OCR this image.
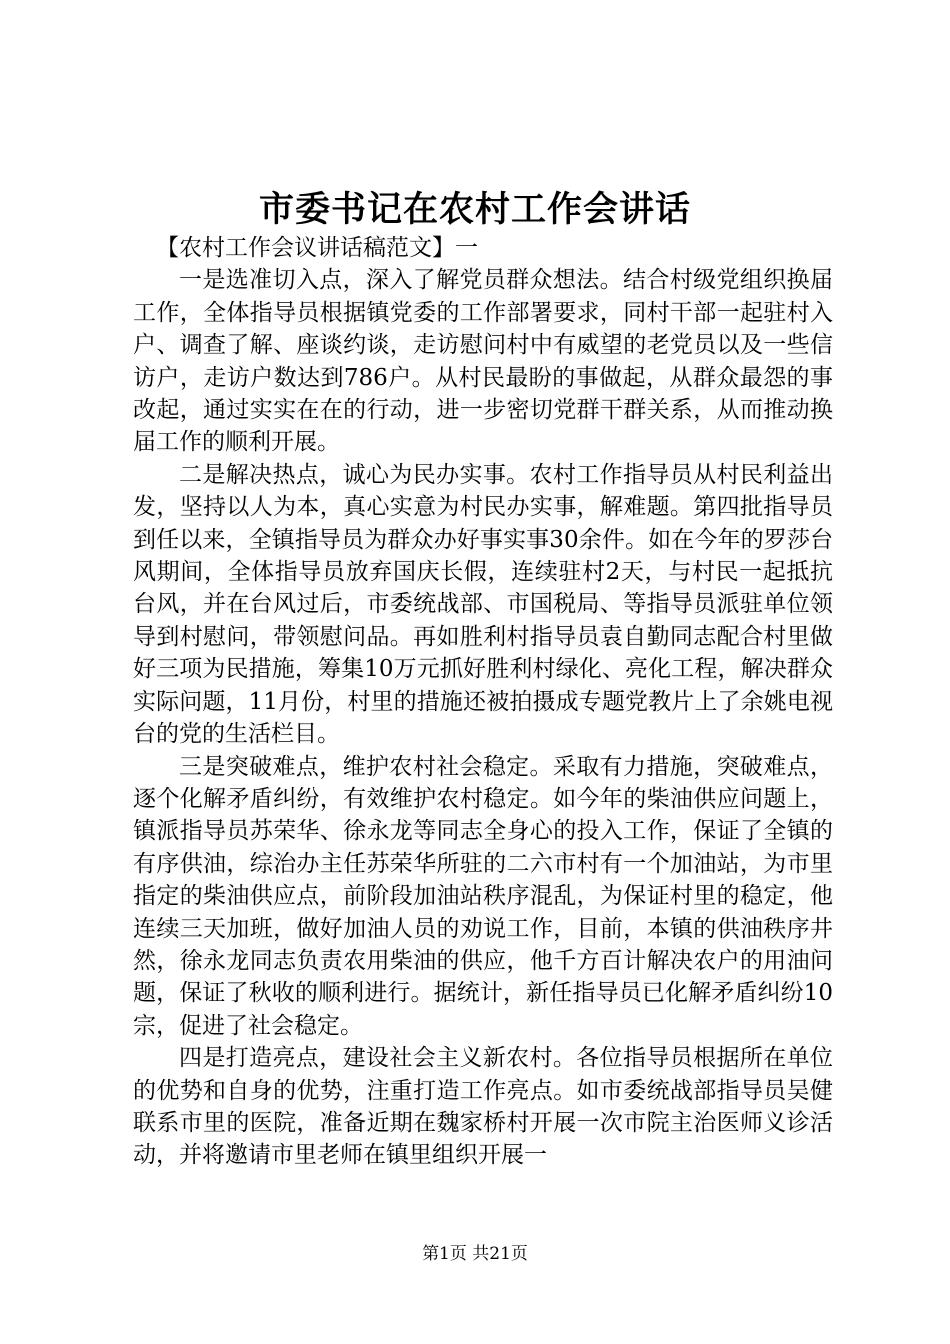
市委书记在农村工作会讲话

【农村工作会议讲话稿范文】一

一是选准切入点，深入了解党员群众想法。结合村级党组织换届工作，全体指导员根据镇党委的工作部署要求，同村干部一起驻村入户、调查了解、座谈约谈，走访慰问村中有威望的老党员以及一些信访户，走访户数达到786户。从村民最盼的事做起，从群众最怨的事改起，通过实实在在的行动，进一步密切党群干群关系，从而推动换届工作的顺利开展。

二是解决热点，诚心为民办实事。农村工作指导员从村民利益出发，坚持以人为本，真心实意为村民办实事，解难题。第四批指导员到任以来，全镇指导员为群众办好事实事30余件。如在今年的罗莎台风期间，全体指导员放弃国庆长假，连续驻村2天，与村民一起抵抗台风，并在台风过后，市委统战部、市国税局、等指导员派驻单位领导到村慰问，带领慰问品。再如胜利村指导员袁自勤同志配合村里做好三项为民措施，筹集10万元抓好胜利村绿化、亮化工程，解决群众实际问题，11月份，村里的措施还被拍摄成专题党教片上了余姚电视台的党的生活栏目。

三是突破难点，维护农村社会稳定。采取有力措施，突破难点，逐个化解矛盾纠纷，有效维护农村稳定。如今年的柴油供应问题上，镇派指导员苏荣华、徐永龙等同志全身心的投入工作，保证了全镇的有序供油，综治办主任苏荣华所驻的二六市村有一个加油站，为市里指定的柴油供应点，前阶段加油站秩序混乱，为保证村里的稳定，他连续三天加班，做好加油人员的劝说工作，目前，本镇的供油秩序井然，徐永龙同志负责农用柴油的供应，他千方百计解决农户的用油问题，保证了秋收的顺利进行。据统计，新任指导员已化解矛盾纠纷10宗，促进了社会稳定。

四是打造亮点，建设社会主义新农村。各位指导员根据所在单位的优势和自身的优势，注重打造工作亮点。如市委统战部指导员吴健联系市里的医院，准备近期在魏家桥村开展一次市院主治医师义诊活动，并将邀请市里老师在镇里组织开展一

第1页 共21页
